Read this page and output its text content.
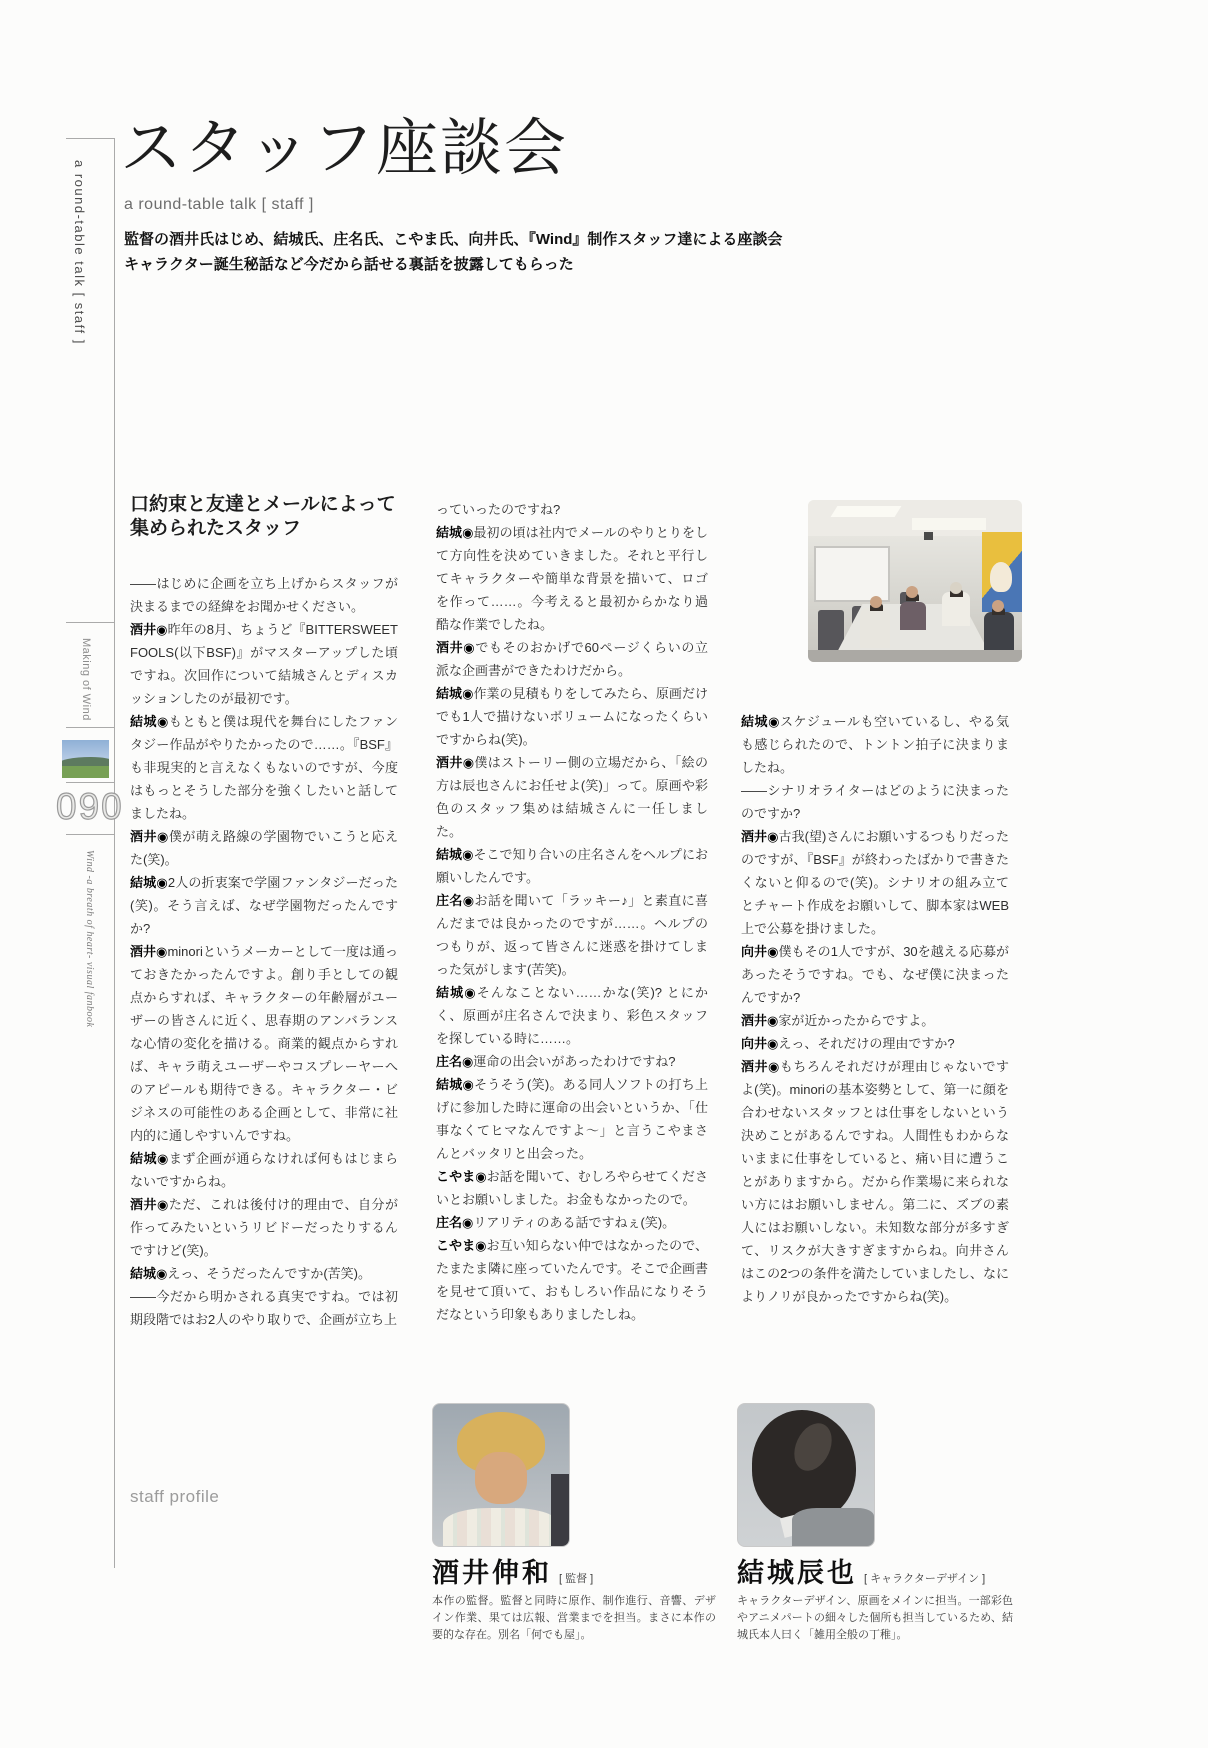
a round-table talk [ staff ]
Making of Wind
090
Wind -a breath of heart- visual fanbook
スタッフ座談会
a round-table talk [ staff ]
監督の酒井氏はじめ、結城氏、庄名氏、こやま氏、向井氏、『Wind』制作スタッフ達による座談会
キャラクター誕生秘話など今だから話せる裏話を披露してもらった
口約束と友達とメールによって集められたスタッフ

——はじめに企画を立ち上げからスタッフが決まるまでの経緯をお聞かせください。

酒井◉昨年の8月、ちょうど『BITTERSWEET FOOLS(以下BSF)』がマスターアップした頃ですね。次回作について結城さんとディスカッションしたのが最初です。

結城◉もともと僕は現代を舞台にしたファンタジー作品がやりたかったので……。『BSF』も非現実的と言えなくもないのですが、今度はもっとそうした部分を強くしたいと話してましたね。

酒井◉僕が萌え路線の学園物でいこうと応えた(笑)。

結城◉2人の折衷案で学園ファンタジーだった(笑)。そう言えば、なぜ学園物だったんですか?

酒井◉minoriというメーカーとして一度は通っておきたかったんですよ。創り手としての観点からすれば、キャラクターの年齢層がユーザーの皆さんに近く、思春期のアンバランスな心情の変化を描ける。商業的観点からすれば、キャラ萌えユーザーやコスプレーヤーへのアピールも期待できる。キャラクター・ビジネスの可能性のある企画として、非常に社内的に通しやすいんですね。

結城◉まず企画が通らなければ何もはじまらないですからね。

酒井◉ただ、これは後付け的理由で、自分が作ってみたいというリビドーだったりするんですけど(笑)。

結城◉えっ、そうだったんですか(苦笑)。

——今だから明かされる真実ですね。では初期段階ではお2人のやり取りで、企画が立ち上

っていったのですね?

結城◉最初の頃は社内でメールのやりとりをして方向性を決めていきました。それと平行してキャラクターや簡単な背景を描いて、ロゴを作って……。今考えると最初からかなり過酷な作業でしたね。

酒井◉でもそのおかげで60ページくらいの立派な企画書ができたわけだから。

結城◉作業の見積もりをしてみたら、原画だけでも1人で描けないボリュームになったくらいですからね(笑)。

酒井◉僕はストーリー側の立場だから、「絵の方は辰也さんにお任せよ(笑)」って。原画や彩色のスタッフ集めは結城さんに一任しました。

結城◉そこで知り合いの庄名さんをヘルプにお願いしたんです。

庄名◉お話を聞いて「ラッキー♪」と素直に喜んだまでは良かったのですが……。ヘルプのつもりが、返って皆さんに迷惑を掛けてしまった気がします(苦笑)。

結城◉そんなことない……かな(笑)? とにかく、原画が庄名さんで決まり、彩色スタッフを探している時に……。

庄名◉運命の出会いがあったわけですね?

結城◉そうそう(笑)。ある同人ソフトの打ち上げに参加した時に運命の出会いというか、「仕事なくてヒマなんですよ〜」と言うこやまさんとバッタリと出会った。

こやま◉お話を聞いて、むしろやらせてくださいとお願いしました。お金もなかったので。

庄名◉リアリティのある話ですねぇ(笑)。

こやま◉お互い知らない仲ではなかったので、たまたま隣に座っていたんです。そこで企画書を見せて頂いて、おもしろい作品になりそうだなという印象もありましたしね。

結城◉スケジュールも空いているし、やる気も感じられたので、トントン拍子に決まりましたね。

——シナリオライターはどのように決まったのですか?

酒井◉古我(望)さんにお願いするつもりだったのですが、『BSF』が終わったばかりで書きたくないと仰るので(笑)。シナリオの組み立てとチャート作成をお願いして、脚本家はWEB上で公募を掛けました。

向井◉僕もその1人ですが、30を越える応募があったそうですね。でも、なぜ僕に決まったんですか?

酒井◉家が近かったからですよ。

向井◉えっ、それだけの理由ですか?

酒井◉もちろんそれだけが理由じゃないですよ(笑)。minoriの基本姿勢として、第一に顔を合わせないスタッフとは仕事をしないという決めことがあるんですね。人間性もわからないままに仕事をしていると、痛い目に遭うことがありますから。だから作業場に来られない方にはお願いしません。第二に、ズブの素人にはお願いしない。未知数な部分が多すぎて、リスクが大きすぎますからね。向井さんはこの2つの条件を満たしていましたし、なによりノリが良かったですからね(笑)。

staff profile
酒井伸和 [ 監督 ]
本作の監督。監督と同時に原作、制作進行、音響、デザイン作業、果ては広報、営業までを担当。まさに本作の要的な存在。別名「何でも屋」。
結城辰也 [ キャラクターデザイン ]
キャラクターデザイン、原画をメインに担当。一部彩色やアニメパートの細々した個所も担当しているため、結城氏本人曰く「雑用全般の丁稚」。
